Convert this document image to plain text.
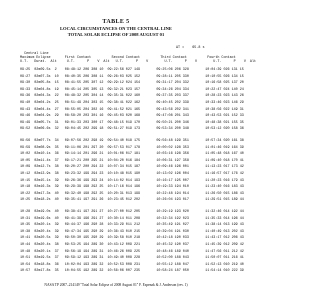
TABLE 5
LOCAL CIRCUMSTANCES ON THE CENTRAL LINE
TOTAL SOLAR ECLIPSE OF 2008 AUGUST 01
ΔT =    65.8 s
Central Line
Maximum Eclipse       First Contact          Second Contact          Third Contact          Fourth Contact
U.T.   Durat.  Alt     U.T.      P    V  Alt   U.T.      P    V        U.T.      P    V        U.T.      P    V  Alt
09:25  02m09.5s  2    08:48:12 206 308 10  09:22:56 027 149        09:25:06 206 328        10:04:39 026 131 15
09:27  02m07.3s  10   08:40:35 206 308 11  09:26:03 025 152        09:28:11 205 330        10:10:55 026 134 15
09:30  02m05.8s  15   08:41:55 205 307 12  09:29:12 024 154        09:31:17 204 332        10:16:58 025 137 20
09:33  02m04.8s  19   08:45:14 205 305 13  09:32:21 023 157        09:34:26 204 334        10:22:47 024 140 24
09:36  02m04.3s  22   08:48:32 205 304 14  09:35:31 022 160        09:37:35 203 337        10:28:23 023 143 26
09:40  02m04.2s  25   08:51:49 204 303 15  09:38:41 022 162        09:40:45 202 339        10:33:46 023 146 29
09:43  02m04.4s  27   08:55:05 204 302 16  09:41:52 021 165        09:43:56 202 341        10:38:56 022 149 31
09:46  02m04.9s  29   08:58:20 203 301 16  09:45:03 020 168        09:47:08 201 343        10:43:53 021 152 33
09:49  02m05.7s  31   09:01:33 203 300 17  09:48:15 019 170        09:50:21 200 346        10:48:38 021 155 35
09:52  02m06.6s  32   09:04:45 202 299 18  09:51:27 019 173        09:53:34 200 348        10:53:12 020 158 36
09:56  02m07.7s  34   09:07:56 202 298 19  09:54:40 018 175        09:56:48 199 351        10:57:34 020 161 38
09:59  02m08.9s  35   09:11:06 201 297 20  09:57:53 017 178        10:00:02 198 353        11:01:46 019 164 39
10:02  02m10.1s  36   09:14:14 201 296 21  10:01:06 017 181        10:03:16 198 356        11:05:48 018 167 40
10:05  02m11.4s  37   09:17:21 200 295 21  10:04:20 016 184        10:06:31 197 358        11:09:40 018 170 41
10:09  02m12.7s  38   09:20:27 200 294 22  10:07:34 015 187        10:09:46 196 001        11:13:23 017 173 42
10:12  02m13.9s  38   09:23:32 199 294 23  10:10:48 015 190        10:13:02 196 004        11:16:57 017 176 42
10:15  02m15.1s  39   09:26:36 199 293 24  10:14:02 014 193        10:16:17 195 007        11:20:23 016 179 43
10:18  02m16.3s  39   09:29:39 198 292 25  10:17:16 014 196        10:19:33 194 010        11:23:40 016 183 43
10:22  02m17.3s  40   09:32:40 198 292 25  10:20:31 013 199        10:22:48 194 014        11:26:50 015 186 43
10:25  02m18.2s  40   09:35:41 197 291 26  10:23:45 012 202        10:26:04 193 017        11:29:51 015 189 44
10:28  02m19.0s  40   09:38:41 197 291 27  10:27:00 012 205        10:29:19 193 020        11:32:46 014 192 44
10:31  02m19.6s  40   09:41:39 196 291 27  10:30:14 011 208        10:32:34 192 023        11:35:33 014 196 44
10:35  02m20.1s  39   09:44:37 196 290 28  10:33:29 011 212        10:35:49 191 027        11:38:14 013 199 43
10:38  02m20.4s  39   09:47:34 195 290 29  10:36:43 010 215        10:39:04 191 030        11:40:49 013 202 43
10:41  02m20.5s  39   09:50:30 195 290 29  10:39:58 010 218        10:42:18 190 033        11:43:17 012 206 43
10:44  02m20.4s  38   09:53:25 194 289 30  10:43:12 009 221        10:45:32 190 037        11:45:39 012 209 42
10:48  02m20.1s  37   09:56:19 194 289 31  10:46:26 009 225        10:48:46 189 040        11:47:56 011 212 42
10:51  02m19.5s  37   09:59:12 193 289 31  10:49:40 008 228        10:52:00 188 043        11:50:07 011 216 41
10:54  02m18.8s  36   10:02:04 193 289 32  10:52:53 008 231        10:55:12 188 047        11:52:13 010 219 40
10:57  02m17.8s  35   10:04:55 192 289 32  10:56:06 007 235        10:58:24 187 050        11:54:14 010 222 39
NASA TP 2007–214149 "Total Solar Eclipse of 2008 August 01" F. Espenak & J. Anderson (rev. 1)
